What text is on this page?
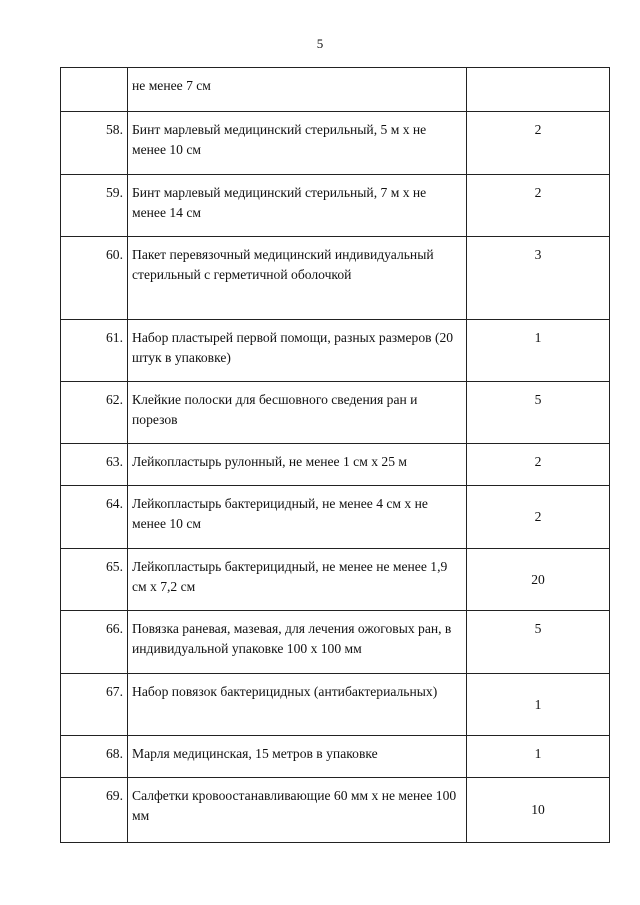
5
	не менее 7 см	
58.	Бинт марлевый медицинский стерильный, 5 м х не менее 10 см	2
59.	Бинт марлевый медицинский стерильный, 7 м х не менее 14 см	2
60.	Пакет перевязочный медицинский индивидуальный стерильный с герметичной оболочкой	3
61.	Набор пластырей первой помощи, разных размеров (20 штук в упаковке)	1
62.	Клейкие полоски для бесшовного сведения ран и порезов	5
63.	Лейкопластырь рулонный, не менее 1 см х 25 м	2
64.	Лейкопластырь бактерицидный, не менее 4 см х не менее 10 см	2
65.	Лейкопластырь бактерицидный, не менее не менее 1,9 см х 7,2 см	20
66.	Повязка раневая, мазевая, для лечения ожоговых ран, в индивидуальной упаковке 100 х 100 мм	5
67.	Набор повязок бактерицидных (антибактериальных)	1
68.	Марля медицинская, 15 метров в упаковке	1
69.	Салфетки кровоостанавливающие 60 мм х не менее 100 мм	10
